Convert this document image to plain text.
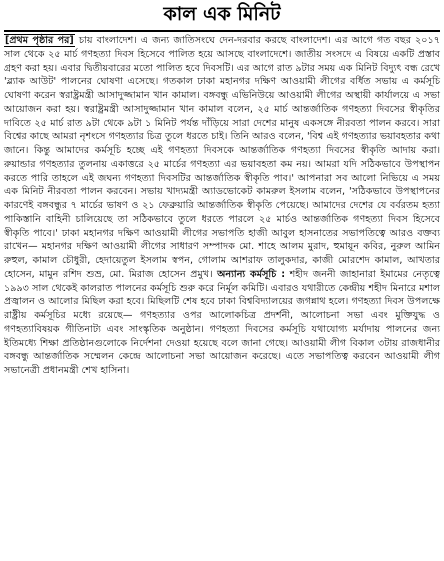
কাল এক মিনিট

[প্রথম পৃষ্ঠার পর] চায় বাংলাদেশ। এ জন্য জাতিসংঘে দেন-দরবার করছে বাংলাদেশ। এর আগে গত বছর ২০১৭ সাল থেকে ২৫ মার্চ গণহত্যা দিবস হিসেবে পালিত হয়ে আসছে বাংলাদেশে। জাতীয় সংসদে এ বিষয়ে একটি প্রস্তাব গ্রহণ করা হয়। এবার দ্বিতীয়বারের মতো পালিত হবে দিবসটি। এর আগে রাত ৯টার সময় এক মিনিট বিদ্যুৎ বন্ধ রেখে 'ব্ল্যাক আউট' পালনের ঘোষণা এসেছে। গতকাল ঢাকা মহানগর দক্ষিণ আওয়ামী লীগের বর্ধিত সভায় এ কর্মসূচি ঘোষণা করেন স্বরাষ্ট্রমন্ত্রী আসাদুজ্জামান খান কামাল। বঙ্গবন্ধু এভিনিউয়ে আওয়ামী লীগের অস্থায়ী কার্যালয়ে এ সভা আয়োজন করা হয়। স্বরাষ্ট্রমন্ত্রী আসাদুজ্জামান খান কামাল বলেন, ২৫ মার্চ আন্তর্জাতিক গণহত্যা দিবসের স্বীকৃতির দাবিতে ২৫ মার্চ রাত ৯টা থেকে ৯টা ১ মিনিট পর্যন্ত দাঁড়িয়ে সারা দেশের মানুষ একসঙ্গে নীরবতা পালন করবে। সারা বিশ্বের কাছে আমরা নৃশংসে গণহত্যার চিত্র তুলে ধরতে চাই। তিনি আরও বলেন, 'বিশ্ব এই গণহত্যার ভয়াবহতার কথা জানে। কিন্তু আমাদের কর্মসূচি হচ্ছে এই গণহত্যা দিবসকে আন্তর্জাতিক গণহত্যা দিবসের স্বীকৃতি আদায় করা। রুয়ান্ডার গণহত্যার তুলনায় একাত্তরে ২৫ মার্চের গণহত্যা এর ভয়াবহতা কম নয়। আমরা যদি সঠিকভাবে উপস্থাপন করতে পারি তাহলে এই জঘন্য গণহত্যা দিবসটির আন্তর্জাতিক স্বীকৃতি পাব।' আপনারা সব আলো নিভিয়ে এ সময় এক মিনিট নীরবতা পালন করবেন। সভায় খাদ্যমন্ত্রী অ্যাডভোকেট কামরুল ইসলাম বলেন, 'সঠিকভাবে উপস্থাপনের কারণেই বঙ্গবন্ধুর ৭ মার্চের ভাষণ ও ২১ ফেব্রুয়ারি আন্তর্জাতিক স্বীকৃতি পেয়েছে। আমাদের দেশের যে বর্বরতম হত্যা পাকিস্তানি বাহিনী চালিয়েছে তা সঠিকভাবে তুলে ধরতে পারলে ২৫ মার্চও আন্তর্জাতিক গণহত্যা দিবস হিসেবে স্বীকৃতি পাবে।' ঢাকা মহানগর দক্ষিণ আওয়ামী লীগের সভাপতি হাজী আবুল হাসনাতের সভাপতিত্বে আরও বক্তব্য রাখেন— মহানগর দক্ষিণ আওয়ামী লীগের সাধারণ সম্পাদক মো. শাহে আলম মুরাদ, হুমায়ূন কবির, নুরুল আমিন রুহুল, কামাল চৌধুরী, হেদায়েতুল ইসলাম স্বপন, গোলাম আশরাফ তালুকদার, কাজী মোরশেদ কামাল, আখতার হোসেন, মামুন রশিদ শুভ্র, মো. মিরাজ হোসেন প্রমুখ। অন্যান্য কর্মসূচি : শহীদ জননী জাহানারা ইমামের নেতৃত্বে ১৯৯৩ সাল থেকেই কালরাত পালনের কর্মসূচি শুরু করে নির্মূল কমিটি। এবারও যথারীতে কেন্দ্রীয় শহীদ মিনারে মশাল প্রজ্বালন ও আলোর মিছিল করা হবে। মিছিলটি শেষ হবে ঢাকা বিশ্ববিদ্যালয়ের জগন্নাথ হলে। গণহত্যা দিবস উপলক্ষে রাষ্ট্রীয় কর্মসূচির মধ্যে রয়েছে— গণহত্যার ওপর আলোকচিত্র প্রদর্শনী, আলোচনা সভা এবং মুক্তিযুদ্ধ ও গণহত্যাবিষয়ক গীতিনাট্য এবং সাংস্কৃতিক অনুষ্ঠান। গণহত্যা দিবসের কর্মসূচি যথাযোগ্য মর্যাদায় পালনের জন্য ইতিমধ্যে শিক্ষা প্রতিষ্ঠানগুলোকে নির্দেশনা দেওয়া হয়েছে বলে জানা গেছে। আওয়ামী লীগ বিকাল ৩টায় রাজধানীর বঙ্গবন্ধু আন্তর্জাতিক সম্মেলন কেন্দ্রে আলোচনা সভা আয়োজন করেছে। এতে সভাপতিত্ব করবেন আওয়ামী লীগ সভানেত্রী প্রধানমন্ত্রী শেখ হাসিনা।
